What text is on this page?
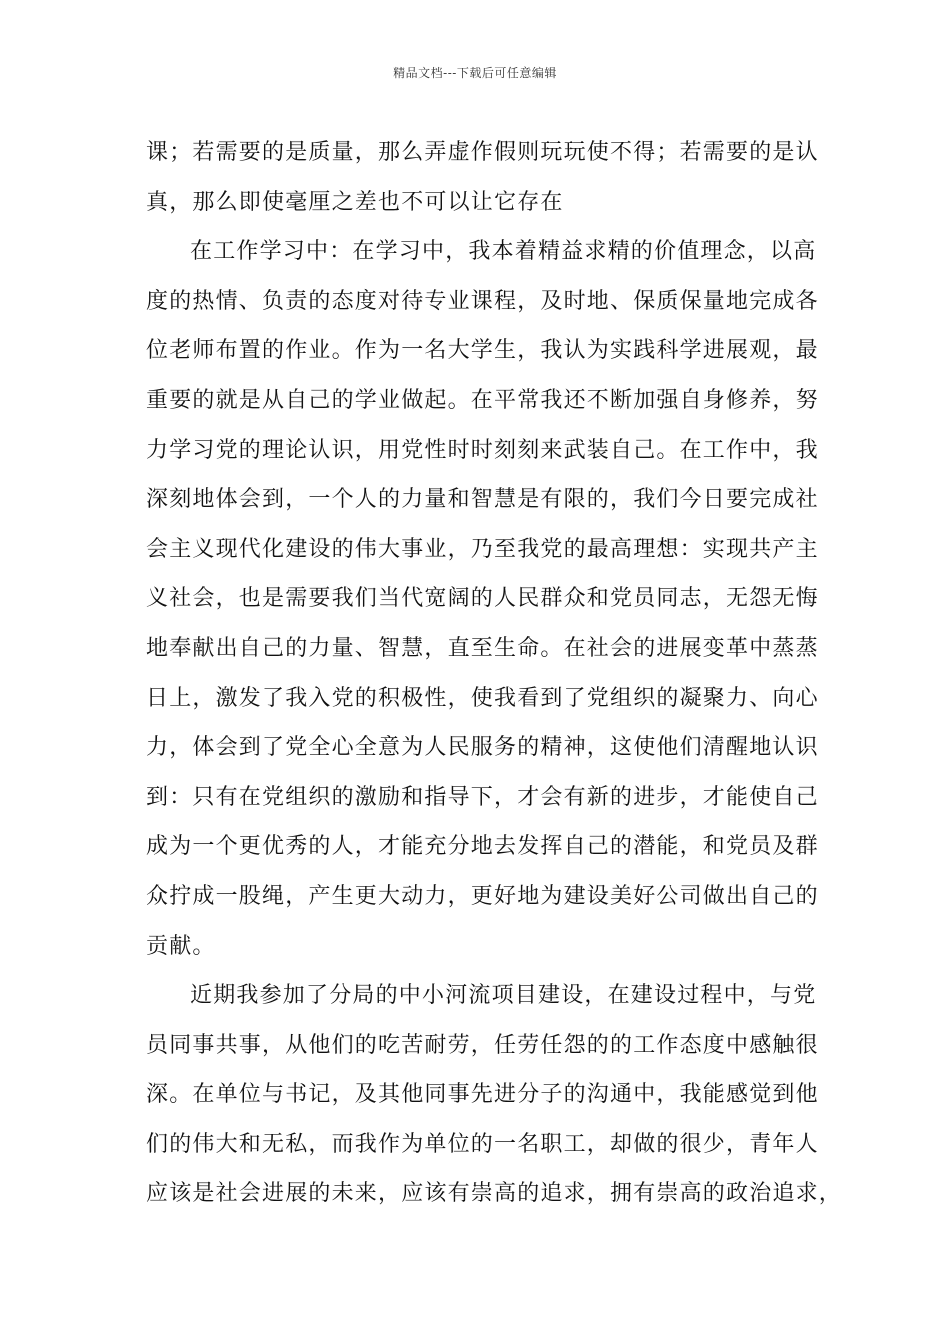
精品文档---下载后可任意编辑
课；若需要的是质量，那么弄虚作假则玩玩使不得；若需要的是认
真，那么即使毫厘之差也不可以让它存在
在工作学习中：在学习中，我本着精益求精的价值理念，以高
度的热情、负责的态度对待专业课程，及时地、保质保量地完成各
位老师布置的作业。作为一名大学生，我认为实践科学进展观，最
重要的就是从自己的学业做起。在平常我还不断加强自身修养，努
力学习党的理论认识，用党性时时刻刻来武装自己。在工作中，我
深刻地体会到，一个人的力量和智慧是有限的，我们今日要完成社
会主义现代化建设的伟大事业，乃至我党的最高理想：实现共产主
义社会，也是需要我们当代宽阔的人民群众和党员同志，无怨无悔
地奉献出自己的力量、智慧，直至生命。在社会的进展变革中蒸蒸
日上，激发了我入党的积极性，使我看到了党组织的凝聚力、向心
力，体会到了党全心全意为人民服务的精神，这使他们清醒地认识
到：只有在党组织的激励和指导下，才会有新的进步，才能使自己
成为一个更优秀的人，才能充分地去发挥自己的潜能，和党员及群
众拧成一股绳，产生更大动力，更好地为建设美好公司做出自己的
贡献。
近期我参加了分局的中小河流项目建设，在建设过程中，与党
员同事共事，从他们的吃苦耐劳，任劳任怨的的工作态度中感触很
深。在单位与书记，及其他同事先进分子的沟通中，我能感觉到他
们的伟大和无私，而我作为单位的一名职工，却做的很少，青年人
应该是社会进展的未来，应该有崇高的追求，拥有崇高的政治追求，
